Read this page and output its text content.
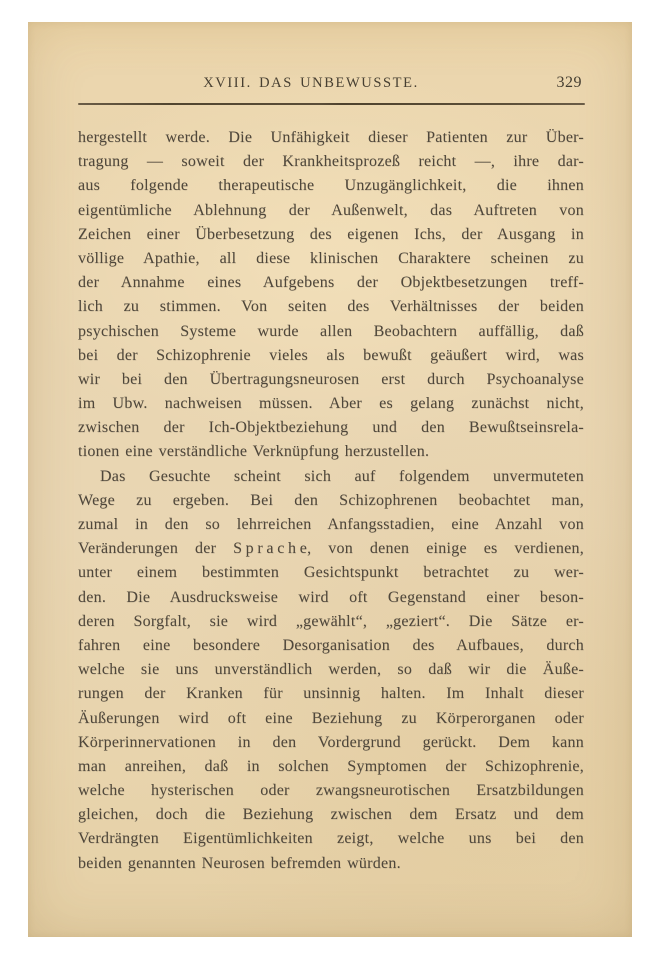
XVIII. DAS UNBEWUSSTE.	329
hergestellt werde. Die Unfähigkeit dieser Patienten zur Über-
tragung — soweit der Krankheitsprozeß reicht —, ihre dar-
aus folgende therapeutische Unzugänglichkeit, die ihnen
eigentümliche Ablehnung der Außenwelt, das Auftreten von
Zeichen einer Überbesetzung des eigenen Ichs, der Ausgang in
völlige Apathie, all diese klinischen Charaktere scheinen zu
der Annahme eines Aufgebens der Objektbesetzungen treff-
lich zu stimmen. Von seiten des Verhältnisses der beiden
psychischen Systeme wurde allen Beobachtern auffällig, daß
bei der Schizophrenie vieles als bewußt geäußert wird, was
wir bei den Übertragungsneurosen erst durch Psychoanalyse
im Ubw. nachweisen müssen. Aber es gelang zunächst nicht,
zwischen der Ich-Objektbeziehung und den Bewußtseinsrela-
tionen eine verständliche Verknüpfung herzustellen.
Das Gesuchte scheint sich auf folgendem unvermuteten
Wege zu ergeben. Bei den Schizophrenen beobachtet man,
zumal in den so lehrreichen Anfangsstadien, eine Anzahl von
Veränderungen der S p r a c h e, von denen einige es verdienen,
unter einem bestimmten Gesichtspunkt betrachtet zu wer-
den. Die Ausdrucksweise wird oft Gegenstand einer beson-
deren Sorgfalt, sie wird „gewählt“, „geziert“. Die Sätze er-
fahren eine besondere Desorganisation des Aufbaues, durch
welche sie uns unverständlich werden, so daß wir die Äuße-
rungen der Kranken für unsinnig halten. Im Inhalt dieser
Äußerungen wird oft eine Beziehung zu Körperorganen oder
Körperinnervationen in den Vordergrund gerückt. Dem kann
man anreihen, daß in solchen Symptomen der Schizophrenie,
welche hysterischen oder zwangsneurotischen Ersatzbildungen
gleichen, doch die Beziehung zwischen dem Ersatz und dem
Verdrängten Eigentümlichkeiten zeigt, welche uns bei den
beiden genannten Neurosen befremden würden.
